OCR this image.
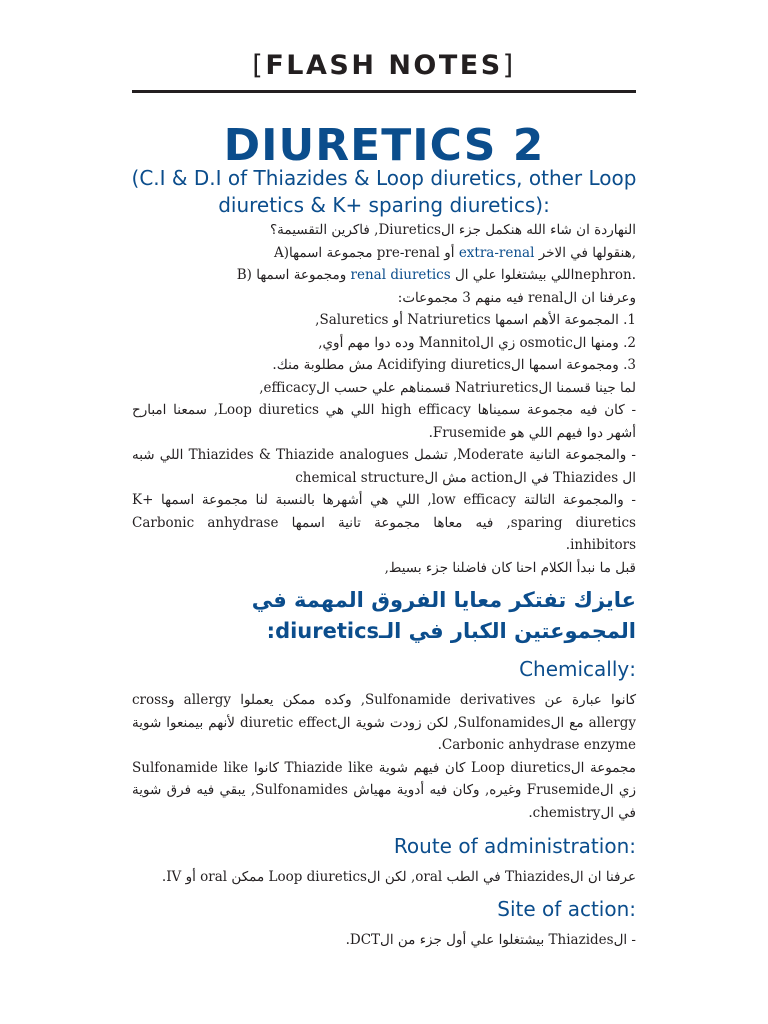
[FLASH NOTES]
DIURETICS 2
(C.I & D.I of Thiazides & Loop diuretics, other Loop diuretics & K+ sparing diuretics):

النهاردة ان شاء الله هنكمل جزء الDiuretics, فاكرين التقسيمة؟

A)مجموعة اسمها pre-renal أو extra-renal هنقولها في الاخر,

B) ومجموعة اسمها renal diuretics اللي بيشتغلوا علي الnephron.

وعرفنا ان الrenal فيه منهم 3 مجموعات:

1. المجموعة الأهم اسمها Natriuretics أو Saluretics,

2. ومنها الosmotic زي الMannitol وده دوا مهم أوي,

3. ومجموعة اسمها الAcidifying diuretics مش مطلوبة منك.

لما جينا قسمنا الNatriuretics قسمناهم علي حسب الefficacy,

- كان فيه مجموعة سميناها high efficacy اللي هي Loop diuretics, سمعنا امبارح أشهر دوا فيهم اللي هو Frusemide.

- والمجموعة التانية Moderate, تشمل Thiazides & Thiazide analogues اللي شبه ال Thiazides في الaction مش الchemical structure

- والمجموعة التالتة low efficacy, اللي هي أشهرها بالنسبة لنا مجموعة اسمها K+ sparing diuretics, فيه معاها مجموعة تانية اسمها Carbonic anhydrase inhibitors.

قبل ما نبدأ الكلام احنا كان فاضلنا جزء بسيط,

عايزك تفتكر معايا الفروق المهمة في المجموعتين الكبار في الـdiuretics:
:Chemically

كانوا عبارة عن Sulfonamide derivatives, وكده ممكن يعملوا allergy وcross allergy مع الSulfonamides, لكن زودت شوية الdiuretic effect لأنهم بيمنعوا شوية Carbonic anhydrase enzyme.

مجموعة الLoop diuretics كان فيهم شوية Thiazide like كانوا Sulfonamide like زي الFrusemide وغيره, وكان فيه أدوية مهياش Sulfonamides, يبقي فيه فرق شوية في الchemistry.

:Route of administration

عرفنا ان الThiazides في الطب oral, لكن الLoop diuretics ممكن oral أو IV.

:Site of action

- الThiazides بيشتغلوا علي أول جزء من الDCT.
